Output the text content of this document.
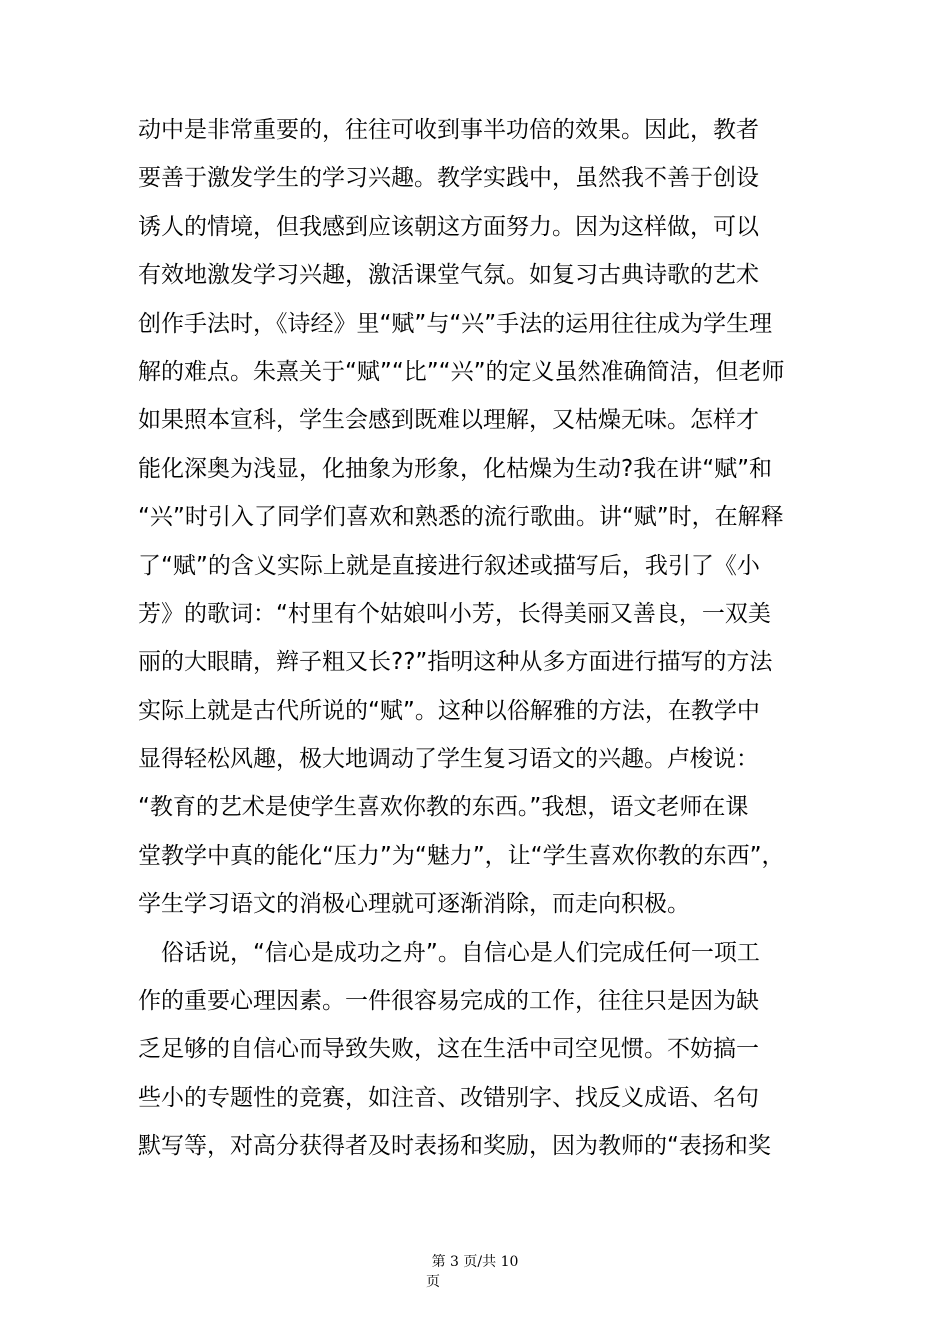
动中是非常重要的，往往可收到事半功倍的效果。因此，教者
要善于激发学生的学习兴趣。教学实践中，虽然我不善于创设
诱人的情境，但我感到应该朝这方面努力。因为这样做，可以
有效地激发学习兴趣，激活课堂气氛。如复习古典诗歌的艺术
创作手法时，《诗经》里“赋”与“兴”手法的运用往往成为学生理
解的难点。朱熹关于“赋”“比”“兴”的定义虽然准确简洁，但老师
如果照本宣科，学生会感到既难以理解，又枯燥无味。怎样才
能化深奥为浅显，化抽象为形象，化枯燥为生动?我在讲“赋”和
“兴”时引入了同学们喜欢和熟悉的流行歌曲。讲“赋”时，在解释
了“赋”的含义实际上就是直接进行叙述或描写后，我引了《小
芳》的歌词：“村里有个姑娘叫小芳，长得美丽又善良，一双美
丽的大眼睛，辫子粗又长??”指明这种从多方面进行描写的方法
实际上就是古代所说的“赋”。这种以俗解雅的方法，在教学中
显得轻松风趣，极大地调动了学生复习语文的兴趣。卢梭说：
“教育的艺术是使学生喜欢你教的东西。”我想，语文老师在课
堂教学中真的能化“压力”为“魅力”，让“学生喜欢你教的东西”，
学生学习语文的消极心理就可逐渐消除，而走向积极。
　俗话说，“信心是成功之舟”。自信心是人们完成任何一项工
作的重要心理因素。一件很容易完成的工作，往往只是因为缺
乏足够的自信心而导致失败，这在生活中司空见惯。不妨搞一
些小的专题性的竞赛，如注音、改错别字、找反义成语、名句
默写等，对高分获得者及时表扬和奖励，因为教师的“表扬和奖
第 3 页/共 10
页
